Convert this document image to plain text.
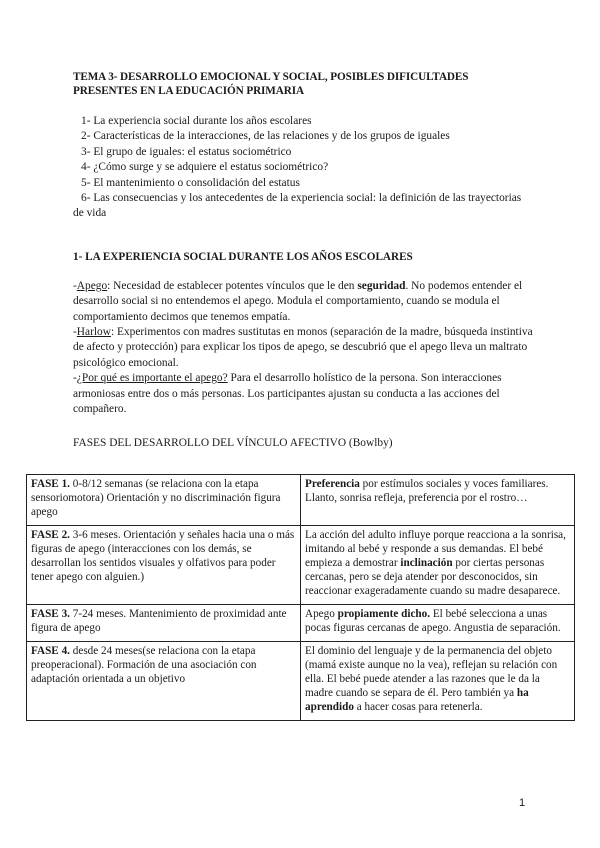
TEMA 3- DESARROLLO EMOCIONAL Y SOCIAL, POSIBLES DIFICULTADES PRESENTES EN LA EDUCACIÓN PRIMARIA
1- La experiencia social durante los años escolares
2- Características de la interacciones, de las relaciones y de los grupos de iguales
3- El grupo de iguales: el estatus sociométrico
4- ¿Cómo surge y se adquiere el estatus sociométrico?
5- El mantenimiento o consolidación del estatus
6- Las consecuencias y los antecedentes de la experiencia social: la definición de las trayectorias de vida
1- LA EXPERIENCIA SOCIAL DURANTE LOS AÑOS ESCOLARES

-Apego: Necesidad de establecer potentes vínculos que le den seguridad. No podemos entender el desarrollo social si no entendemos el apego. Modula el comportamiento, cuando se modula el comportamiento decimos que tenemos empatía.

-Harlow: Experimentos con madres sustitutas en monos (separación de la madre, búsqueda instintiva de afecto y protección) para explicar los tipos de apego, se descubrió que el apego lleva un maltrato psicológico emocional.

-¿Por qué es importante el apego? Para el desarrollo holístico de la persona. Son interacciones armoniosas entre dos o más personas. Los participantes ajustan su conducta a las acciones del compañero.

FASES DEL DESARROLLO DEL VÍNCULO AFECTIVO (Bowlby)
FASE 1. 0-8/12 semanas (se relaciona con la etapa sensoriomotora) Orientación y no discriminación figura apego	Preferencia por estímulos sociales y voces familiares. Llanto, sonrisa refleja, preferencia por el rostro…
FASE 2. 3-6 meses. Orientación y señales hacia una o más figuras de apego (interacciones con los demás, se desarrollan los sentidos visuales y olfativos para poder tener apego con alguien.)	La acción del adulto influye porque reacciona a la sonrisa, imitando al bebé y responde a sus demandas. El bebé empieza a demostrar inclinación por ciertas personas cercanas, pero se deja atender por desconocidos, sin reaccionar exageradamente cuando su madre desaparece.
FASE 3. 7-24 meses. Mantenimiento de proximidad ante figura de apego	Apego propiamente dicho. El bebé selecciona a unas pocas figuras cercanas de apego. Angustia de separación.
FASE 4. desde 24 meses(se relaciona con la etapa preoperacional). Formación de una asociación con adaptación orientada a un objetivo	El dominio del lenguaje y de la permanencia del objeto (mamá existe aunque no la vea), reflejan su relación con ella. El bebé puede atender a las razones que le da la madre cuando se separa de él. Pero también ya ha aprendido a hacer cosas para retenerla.
1
